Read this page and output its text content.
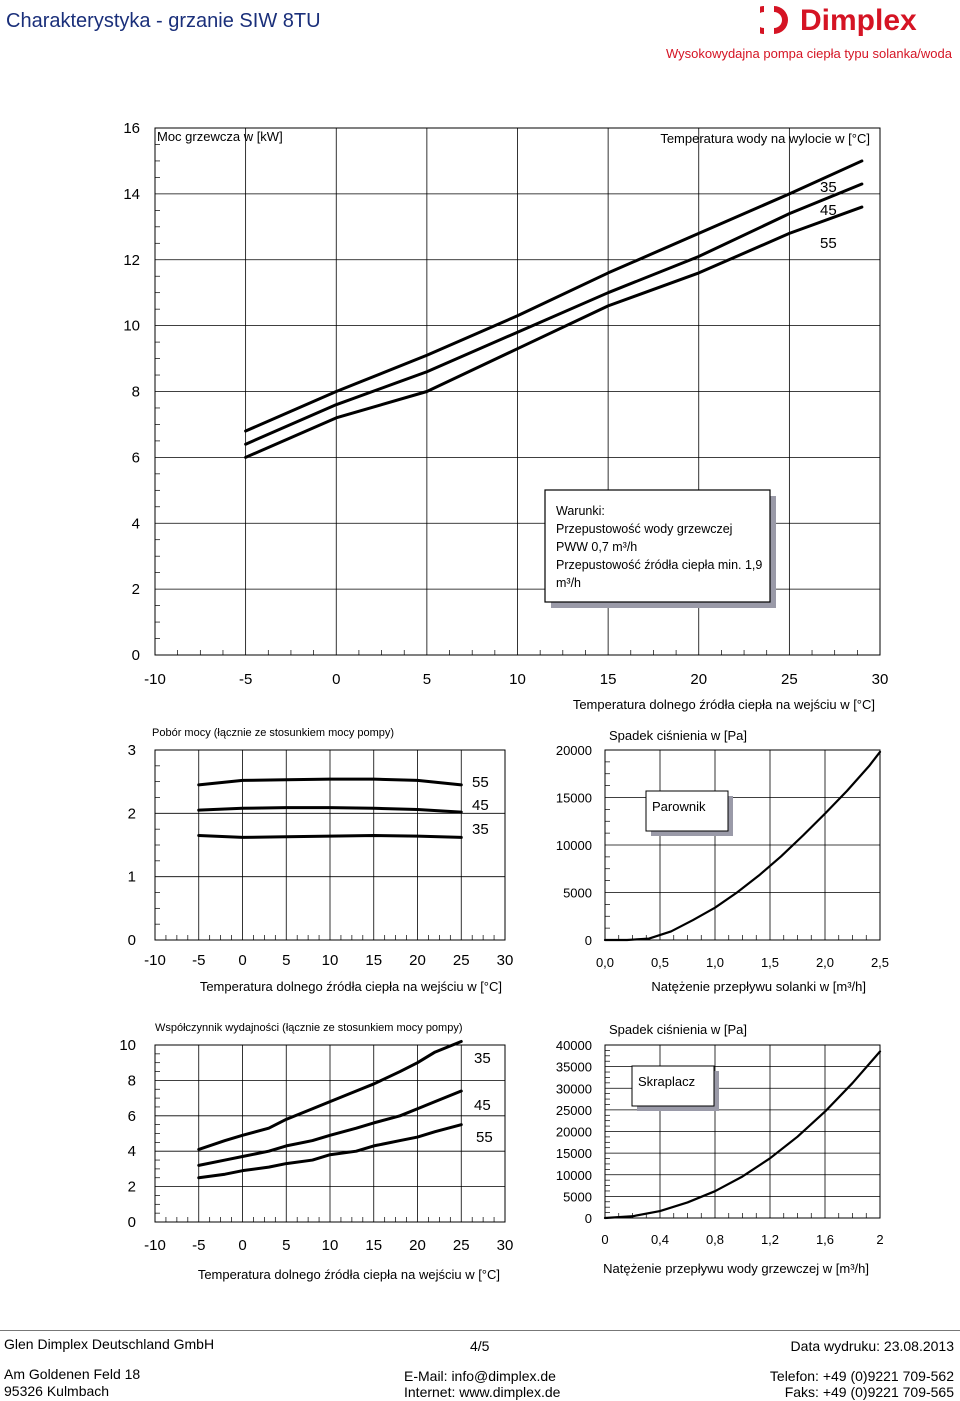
Charakterystyka - grzanie SIW 8TU	Dimplex
Wysokowydajna pompa ciepła typu solanka/woda
-10	-5	0	5	10	15	20	25	30
0
2
4
6
8
10
12
14
16 Moc grzewcza w [kW]
Temperatura dolnego źródła ciepła na wejściu w [°C]
Temperatura wody na wylocie w [°C]
35
45
55
Warunki:
Przepustowość wody grzewczej
PWW 0,7 m³/h
Przepustowość źródła ciepła min. 1,9
m³/h
-10 -5 0 5 10 15 20 25 30
0
1
2
3
Pobór mocy (łącznie ze stosunkiem mocy pompy)
Temperatura dolnego źródła ciepła na wejściu w [°C]
55
45
35
0,0	0,5	1,0	1,5	2,0	2,5
0
5000
10000
15000
20000
Spadek ciśnienia w [Pa]
Natężenie przepływu solanki w [m³/h]
Parownik
-10 -5 0 5 10 15 20 25 30
0
2
4
6
8
10
Współczynnik wydajności (łącznie ze stosunkiem mocy pompy)
Temperatura dolnego źródła ciepła na wejściu w [°C]
35
45
55
0	0,4	0,8	1,2	1,6	2
0
5000
10000
15000
20000
25000
30000
35000
40000
Spadek ciśnienia w [Pa]
Natężenie przepływu wody grzewczej w [m³/h]
Skraplacz
Glen Dimplex Deutschland GmbH	4/5	Data wydruku: 23.08.2013
Am Goldenen Feld 18
95326 Kulmbach
E-Mail: info@dimplex.de
Internet: www.dimplex.de
Telefon: +49 (0)9221 709-562
Faks: +49 (0)9221 709-565
